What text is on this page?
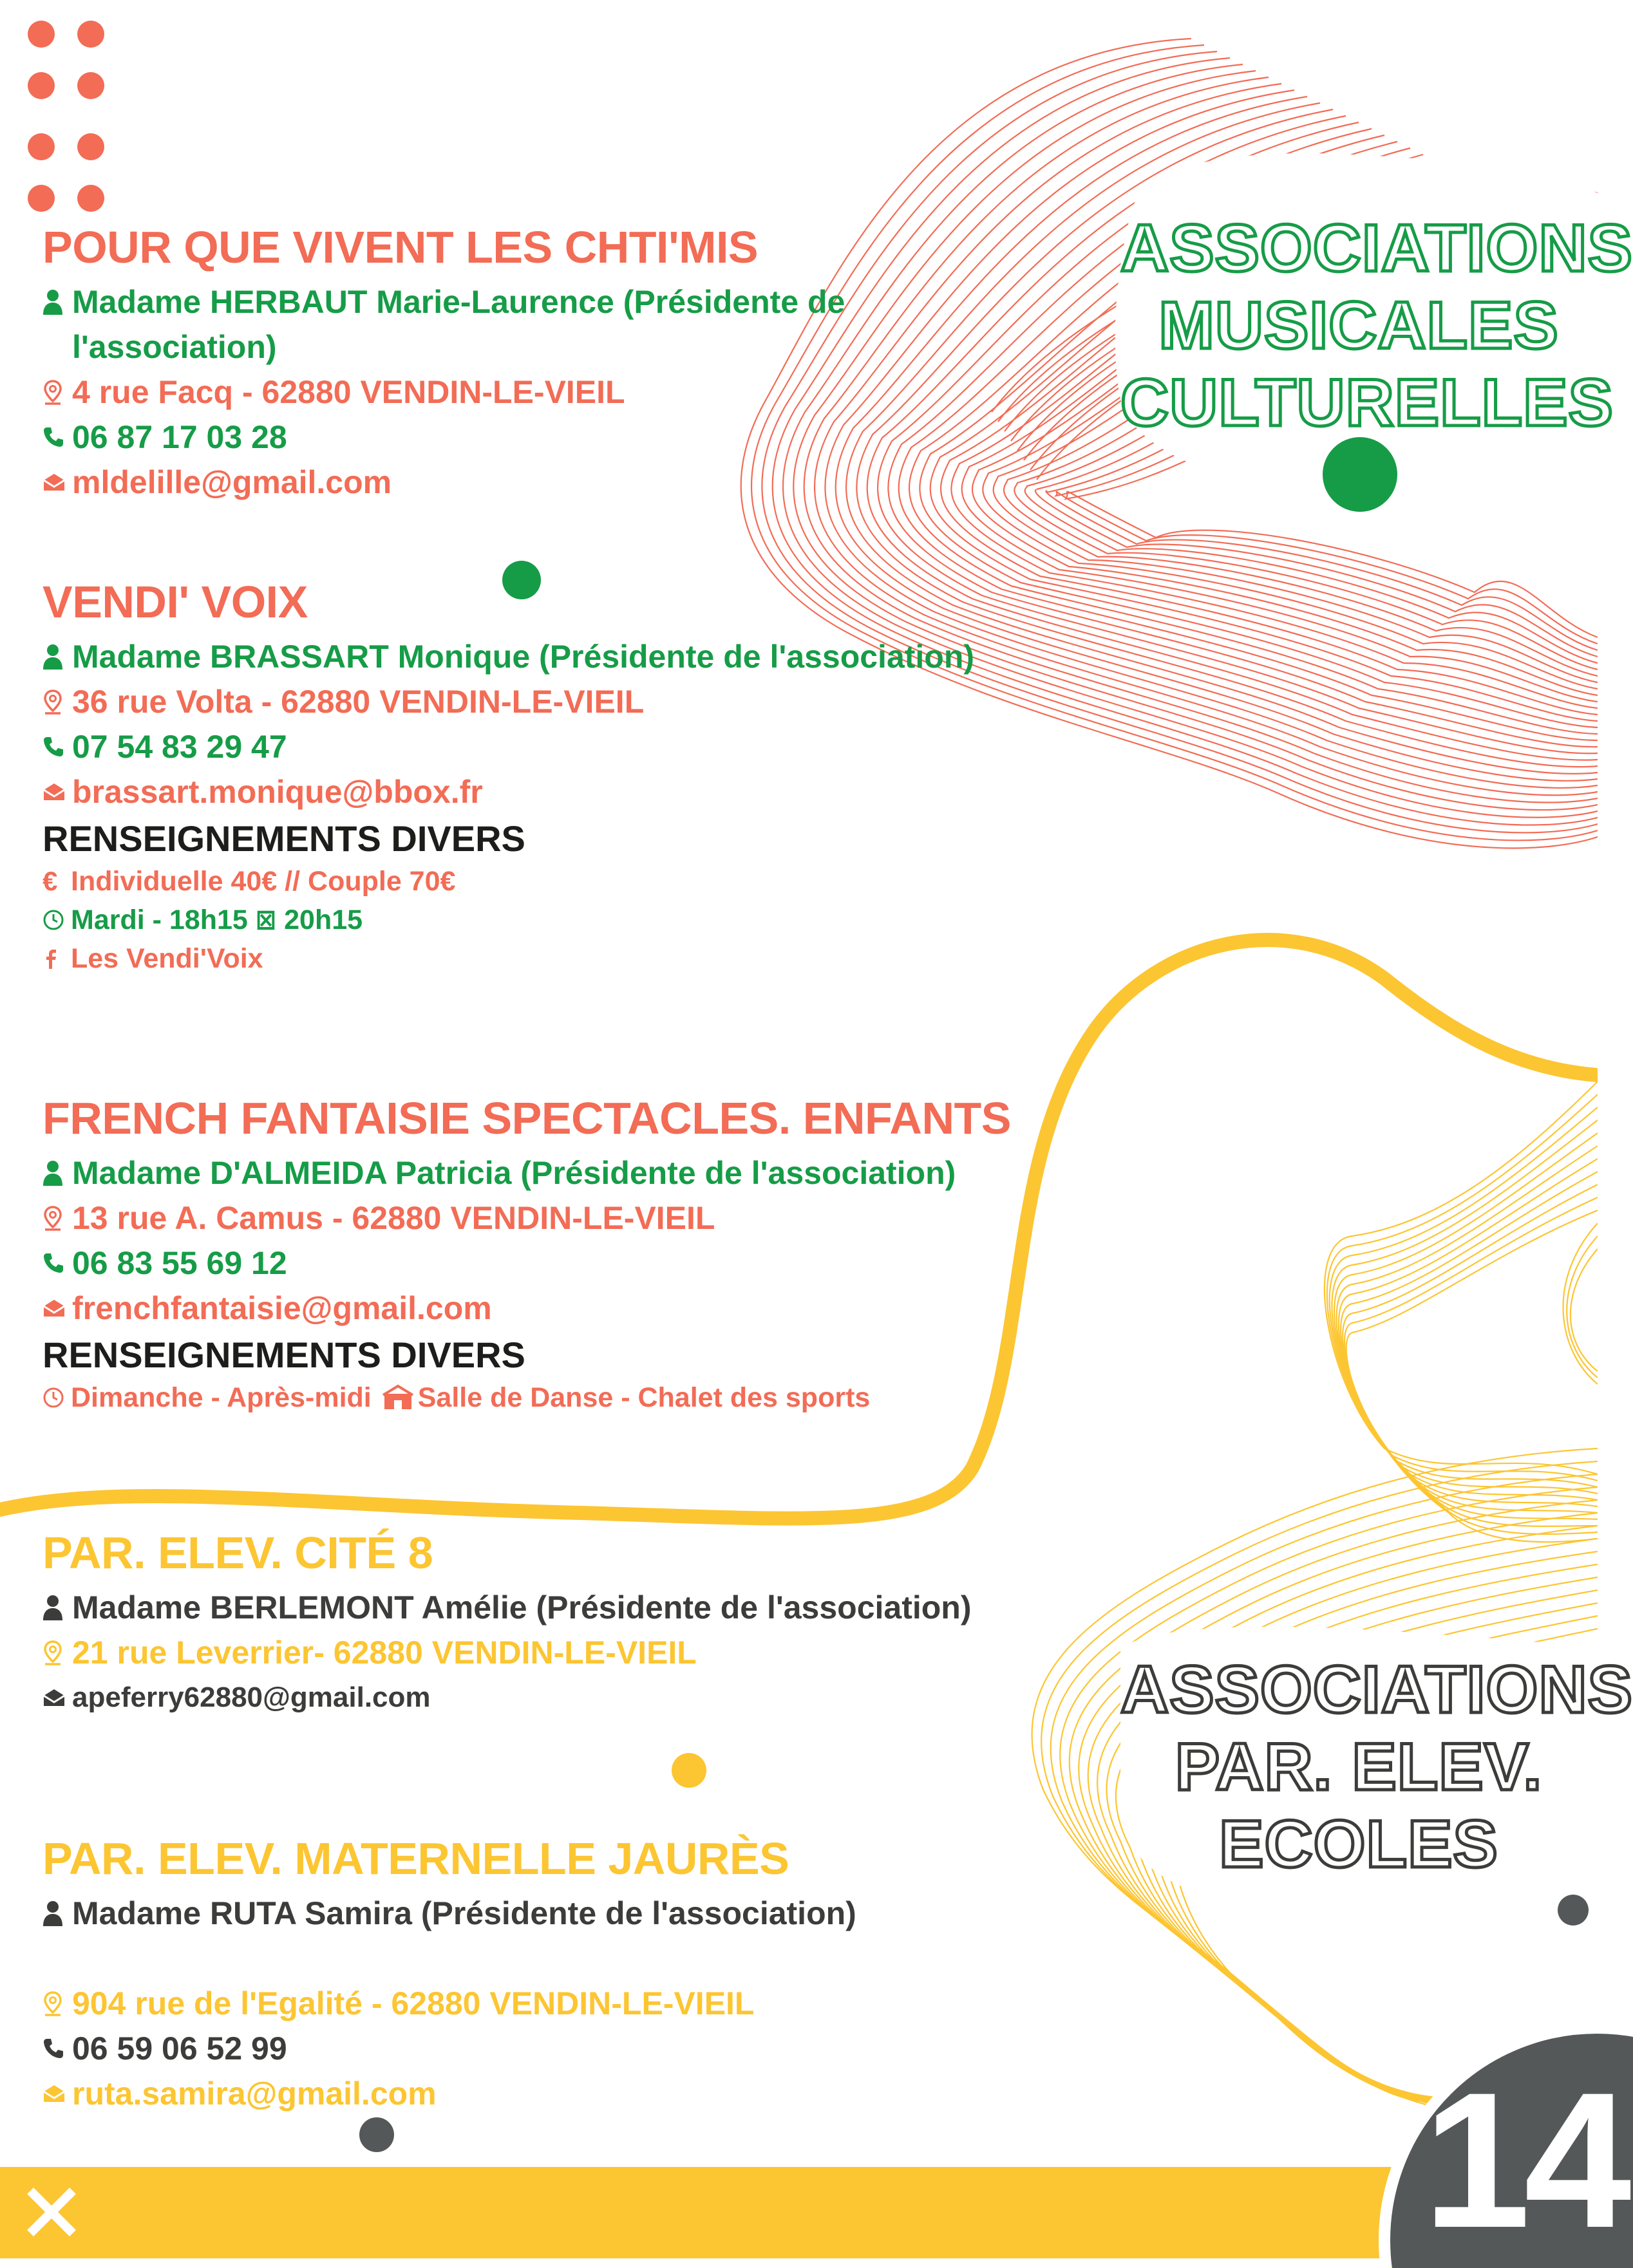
ASSOCIATIONS
MUSICALES
CULTURELLES
ASSOCIATIONS
PAR. ELEV.
ECOLES
POUR QUE VIVENT LES CHTI'MIS
Madame HERBAUT Marie-Laurence (Présidente de l'association)
4 rue Facq - 62880 VENDIN-LE-VIEIL
06 87 17 03 28
mldelille@gmail.com
VENDI' VOIX
Madame BRASSART Monique (Présidente de l'association)
36 rue Volta - 62880 VENDIN-LE-VIEIL
07 54 83 29 47
brassart.monique@bbox.fr
RENSEIGNEMENTS DIVERS
€ Individuelle 40€ // Couple 70€
Mardi - 18h15 ⊠ 20h15
Les Vendi'Voix
FRENCH FANTAISIE SPECTACLES. ENFANTS
Madame D'ALMEIDA Patricia (Présidente de l'association)
13 rue A. Camus - 62880 VENDIN-LE-VIEIL
06 83 55 69 12
frenchfantaisie@gmail.com
RENSEIGNEMENTS DIVERS
Dimanche - Après-midi Salle de Danse - Chalet des sports
PAR. ELEV. CITÉ 8
Madame BERLEMONT Amélie (Présidente de l'association)
21 rue Leverrier- 62880 VENDIN-LE-VIEIL
apeferry62880@gmail.com
PAR. ELEV. MATERNELLE JAURÈS
Madame RUTA Samira (Présidente de l'association)
904 rue de l'Egalité - 62880 VENDIN-LE-VIEIL
06 59 06 52 99
ruta.samira@gmail.com	14
